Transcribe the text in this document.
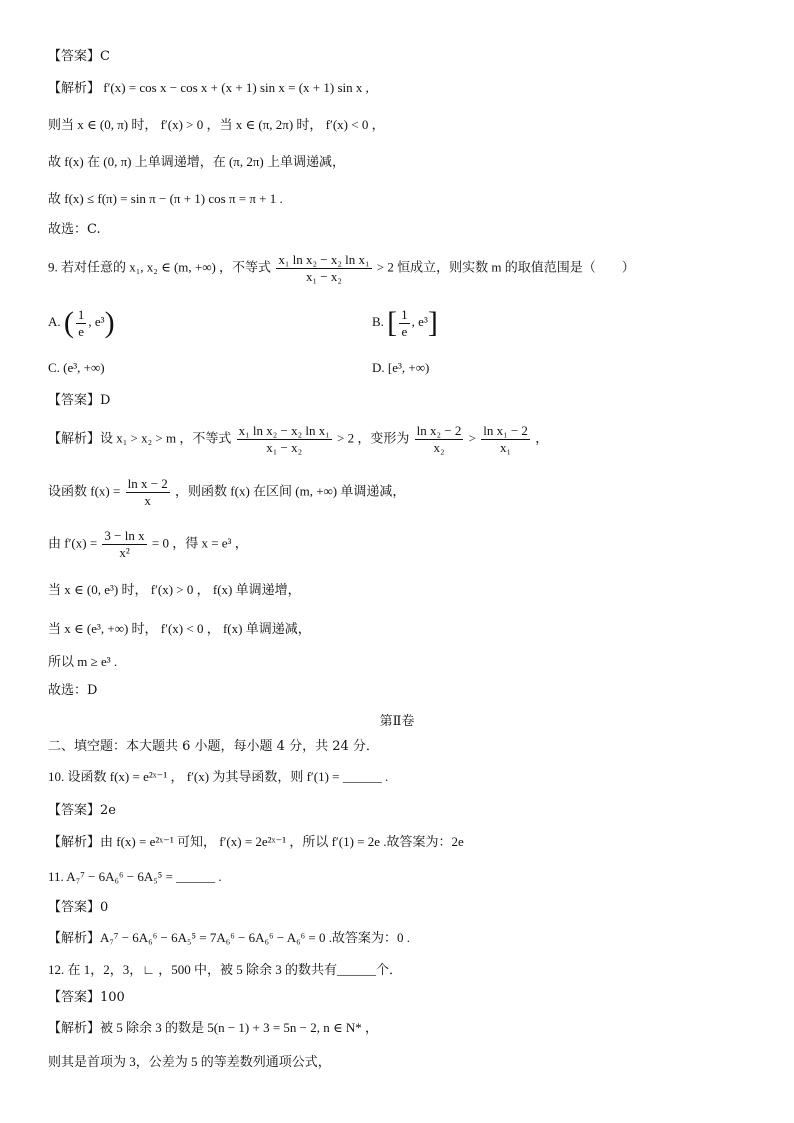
【答案】C
【解析】 f′(x) = cos x − cos x + (x + 1) sin x = (x + 1) sin x ,
则当 x ∈ (0, π) 时， f′(x) > 0 ，当 x ∈ (π, 2π) 时， f′(x) < 0 ，
故 f(x) 在 (0, π) 上单调递增，在 (π, 2π) 上单调递减，
故 f(x) ≤ f(π) = sin π − (π + 1) cos π = π + 1 .
故选：C.
9. 若对任意的 x₁, x₂ ∈ (m, +∞) ，不等式 $\frac{\text{x₁ ln x₂ − x₂ ln x₁}}{\text{x₁ − x₂}} > 2$ 恒成立，则实数 m 的取值范围是（　　）
A. ( $\frac{1}{e}$ , e³)	B. [ $\frac{1}{e}$ , e³]
C. (e³, +∞)	D. [e³, +∞)
【答案】D
【解析】设 x₁ > x₂ > m ，不等式 $\frac{\text{x₁ ln x₂ − x₂ ln x₁}}{\text{x₁ − x₂}} > 2$ ，变形为 $\frac{\text{ln x₂ − 2}}{\text{x₂}} > \frac{\text{ln x₁ − 2}}{\text{x₁}}$ ，
设函数 $f(x) = \frac{\text{ln x − 2}}{x}$ ，则函数 f(x) 在区间 (m, +∞) 单调递减，
由 $f'(x) = \frac{\text{3 − ln x}}{\text{x²}} = 0$ ，得 x = e³ ，
当 x ∈ (0, e³) 时， f′(x) > 0 ， f(x) 单调递增，
当 x ∈ (e³, +∞) 时， f′(x) < 0 ， f(x) 单调递减，
所以 m ≥ e³ .
故选：D
第Ⅱ卷
二、填空题：本大题共 6 小题，每小题 4 分，共 24 分．
10. 设函数 f(x) = e²ˣ⁻¹ ， f′(x) 为其导函数，则 f′(1) = ______ .
【答案】2e
【解析】由 f(x) = e²ˣ⁻¹ 可知， f′(x) = 2e²ˣ⁻¹ ，所以 f′(1) = 2e .故答案为：2e
11. A₇⁷ − 6A₆⁶ − 6A₅⁵ = ______ .
【答案】0
【解析】A₇⁷ − 6A₆⁶ − 6A₅⁵ = 7A₆⁶ − 6A₆⁶ − A₆⁶ = 0 .故答案为：0 .
12. 在 1，2，3，∟ ，500 中，被 5 除余 3 的数共有______个．
【答案】100
【解析】被 5 除余 3 的数是 5(n − 1) + 3 = 5n − 2, n ∈ N* ，
则其是首项为 3，公差为 5 的等差数列通项公式，
